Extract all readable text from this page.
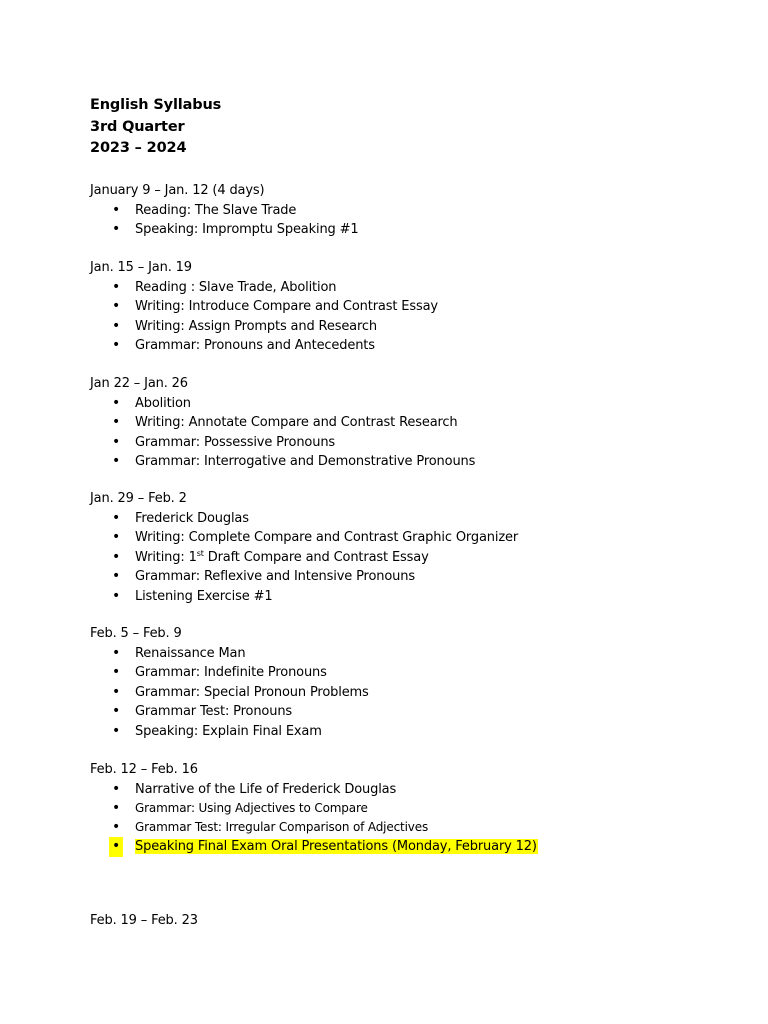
English Syllabus
3rd Quarter
2023 – 2024
January 9 – Jan. 12 (4 days)
• Reading: The Slave Trade
• Speaking: Impromptu Speaking #1
Jan. 15 – Jan. 19
• Reading : Slave Trade, Abolition
• Writing: Introduce Compare and Contrast Essay
• Writing: Assign Prompts and Research
• Grammar: Pronouns and Antecedents
Jan 22 – Jan. 26
• Abolition
• Writing: Annotate Compare and Contrast Research
• Grammar: Possessive Pronouns
• Grammar: Interrogative and Demonstrative Pronouns
Jan. 29 – Feb. 2
• Frederick Douglas
• Writing: Complete Compare and Contrast Graphic Organizer
• Writing: 1st Draft Compare and Contrast Essay
• Grammar: Reflexive and Intensive Pronouns
• Listening Exercise #1
Feb. 5 – Feb. 9
• Renaissance Man
• Grammar: Indefinite Pronouns
• Grammar: Special Pronoun Problems
• Grammar Test: Pronouns
• Speaking: Explain Final Exam
Feb. 12 – Feb. 16
• Narrative of the Life of Frederick Douglas
• Grammar: Using Adjectives to Compare
• Grammar Test: Irregular Comparison of Adjectives
• Speaking Final Exam Oral Presentations (Monday, February 12)
Feb. 19 – Feb. 23
